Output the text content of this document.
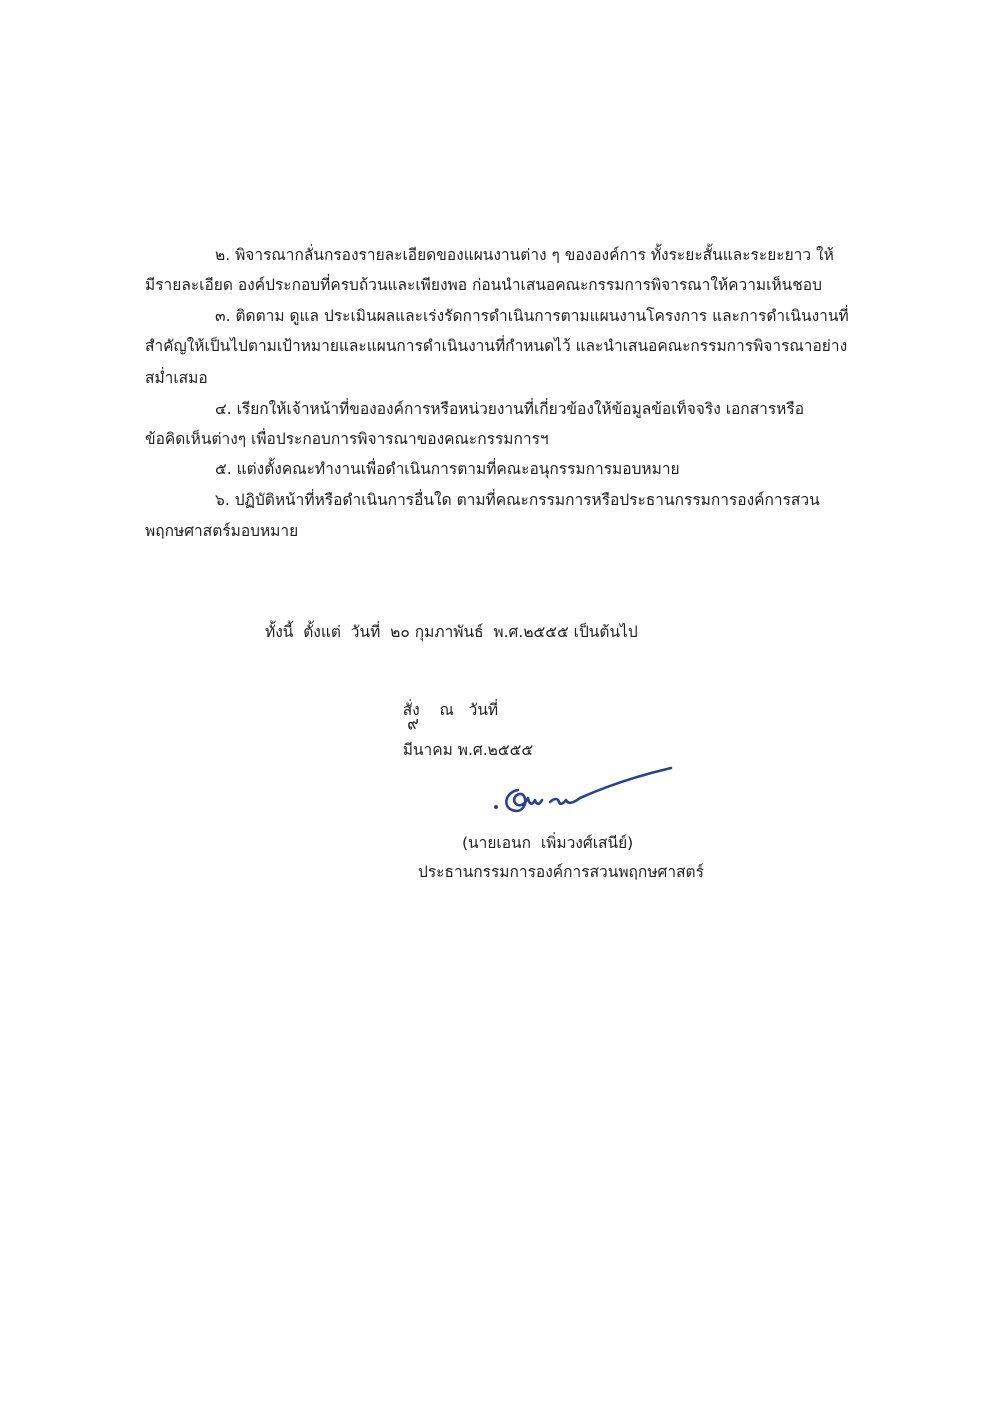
๒. พิจารณากลั่นกรองรายละเอียดของแผนงานต่าง ๆ ขององค์การ ทั้งระยะสั้นและระยะยาว ให้
มีรายละเอียด องค์ประกอบที่ครบถ้วนและเพียงพอ ก่อนนำเสนอคณะกรรมการพิจารณาให้ความเห็นชอบ
๓. ติดตาม ดูแล ประเมินผลและเร่งรัดการดำเนินการตามแผนงานโครงการ และการดำเนินงานที่
สำคัญให้เป็นไปตามเป้าหมายและแผนการดำเนินงานที่กำหนดไว้ และนำเสนอคณะกรรมการพิจารณาอย่าง
สม่ำเสมอ
๔. เรียกให้เจ้าหน้าที่ขององค์การหรือหน่วยงานที่เกี่ยวข้องให้ข้อมูลข้อเท็จจริง เอกสารหรือ
ข้อคิดเห็นต่างๆ เพื่อประกอบการพิจารณาของคณะกรรมการฯ
๕. แต่งตั้งคณะทำงานเพื่อดำเนินการตามที่คณะอนุกรรมการมอบหมาย
๖. ปฏิบัติหน้าที่หรือดำเนินการอื่นใด ตามที่คณะกรรมการหรือประธานกรรมการองค์การสวน
พฤกษศาสตร์มอบหมาย
ทั้งนี้  ตั้งแต่  วันที่  ๒๐ กุมภาพันธ์  พ.ศ.๒๕๕๕ เป็นต้นไป

สั่ง    ณ   วันที่
๙
มีนาคม พ.ศ.๒๕๕๕

(นายเอนก  เพิ่มวงศ์เสนีย์)
ประธานกรรมการองค์การสวนพฤกษศาสตร์
